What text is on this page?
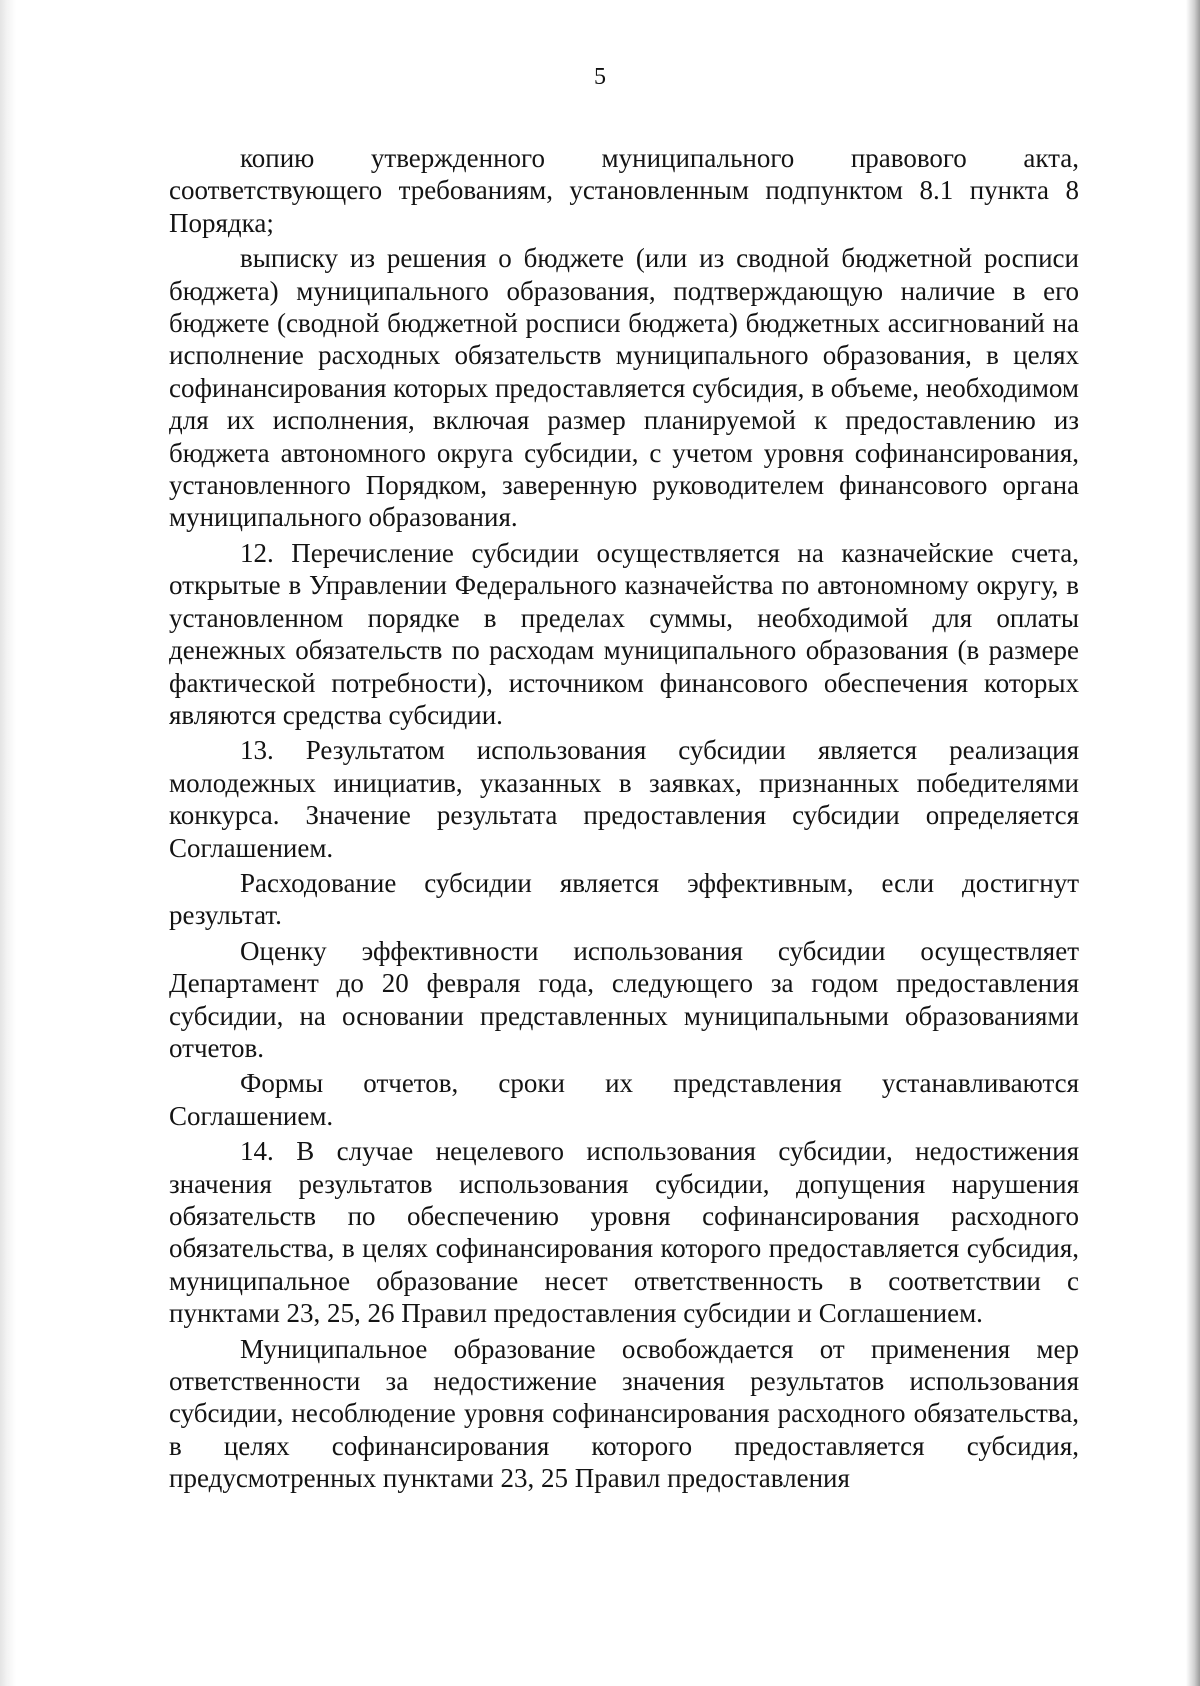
5

копию утвержденного муниципального правового акта, соответствующего требованиям, установленным подпунктом 8.1 пункта 8 Порядка;

выписку из решения о бюджете (или из сводной бюджетной росписи бюджета) муниципального образования, подтверждающую наличие в его бюджете (сводной бюджетной росписи бюджета) бюджетных ассигнований на исполнение расходных обязательств муниципального образования, в целях софинансирования которых предоставляется субсидия, в объеме, необходимом для их исполнения, включая размер планируемой к предоставлению из бюджета автономного округа субсидии, с учетом уровня софинансирования, установленного Порядком, заверенную руководителем финансового органа муниципального образования.

12. Перечисление субсидии осуществляется на казначейские счета, открытые в Управлении Федерального казначейства по автономному округу, в установленном порядке в пределах суммы, необходимой для оплаты денежных обязательств по расходам муниципального образования (в размере фактической потребности), источником финансового обеспечения которых являются средства субсидии.

13. Результатом использования субсидии является реализация молодежных инициатив, указанных в заявках, признанных победителями конкурса. Значение результата предоставления субсидии определяется Соглашением.

Расходование субсидии является эффективным, если достигнут результат.

Оценку эффективности использования субсидии осуществляет Департамент до 20 февраля года, следующего за годом предоставления субсидии, на основании представленных муниципальными образованиями отчетов.

Формы отчетов, сроки их представления устанавливаются Соглашением.

14. В случае нецелевого использования субсидии, недостижения значения результатов использования субсидии, допущения нарушения обязательств по обеспечению уровня софинансирования расходного обязательства, в целях софинансирования которого предоставляется субсидия, муниципальное образование несет ответственность в соответствии с пунктами 23, 25, 26 Правил предоставления субсидии и Соглашением.

Муниципальное образование освобождается от применения мер ответственности за недостижение значения результатов использования субсидии, несоблюдение уровня софинансирования расходного обязательства, в целях софинансирования которого предоставляется субсидия, предусмотренных пунктами 23, 25 Правил предоставления
